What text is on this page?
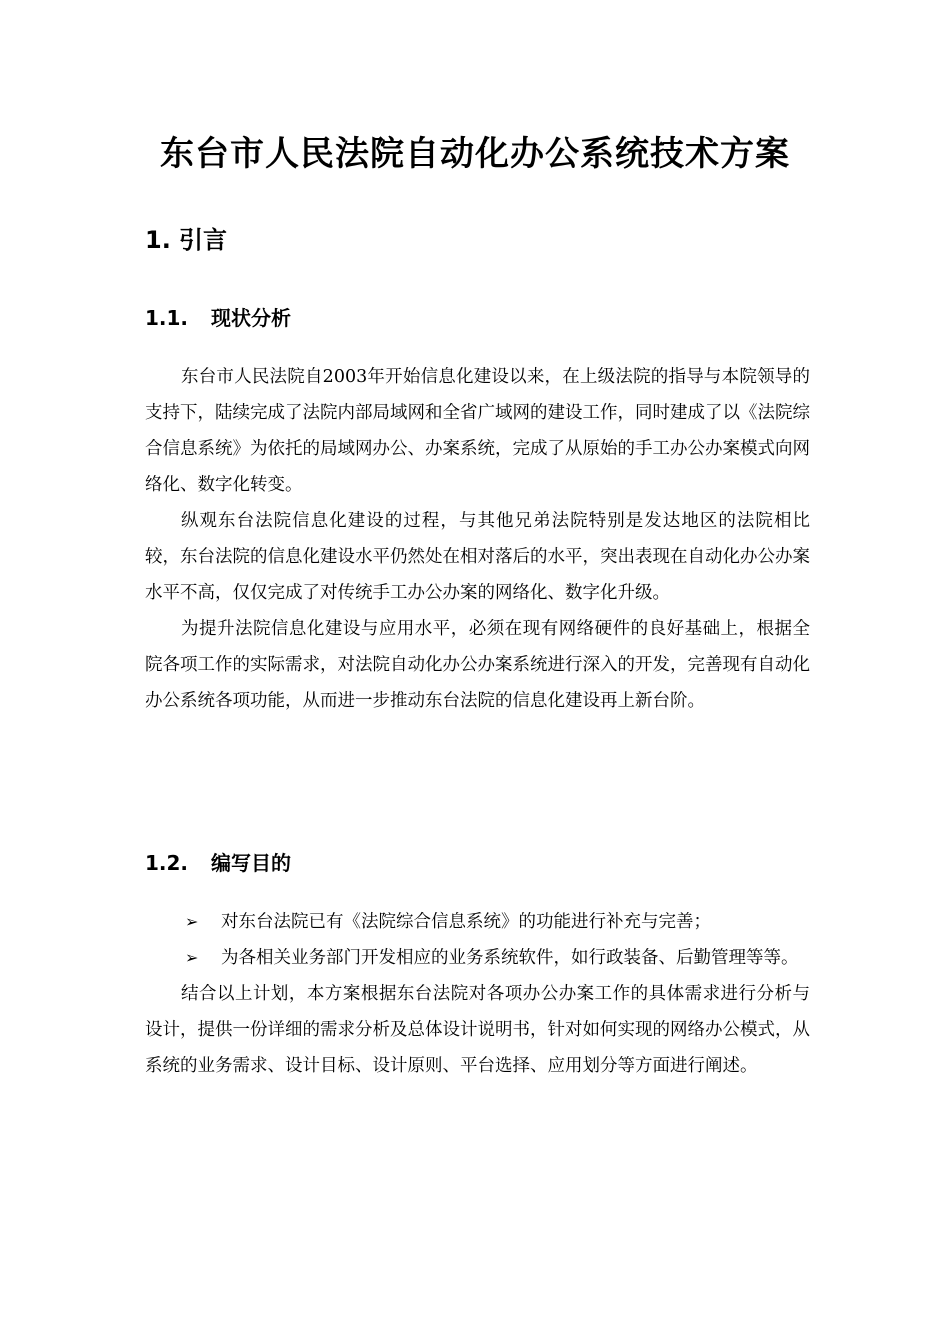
东台市人民法院自动化办公系统技术方案
1. 引言
1.1. 现状分析

东台市人民法院自2003年开始信息化建设以来，在上级法院的指导与本院领导的支持下，陆续完成了法院内部局域网和全省广域网的建设工作，同时建成了以《法院综合信息系统》为依托的局域网办公、办案系统，完成了从原始的手工办公办案模式向网络化、数字化转变。

纵观东台法院信息化建设的过程，与其他兄弟法院特别是发达地区的法院相比较，东台法院的信息化建设水平仍然处在相对落后的水平，突出表现在自动化办公办案水平不高，仅仅完成了对传统手工办公办案的网络化、数字化升级。

为提升法院信息化建设与应用水平，必须在现有网络硬件的良好基础上，根据全院各项工作的实际需求，对法院自动化办公办案系统进行深入的开发，完善现有自动化办公系统各项功能，从而进一步推动东台法院的信息化建设再上新台阶。

1.2. 编写目的
➢ 对东台法院已有《法院综合信息系统》的功能进行补充与完善；
➢ 为各相关业务部门开发相应的业务系统软件，如行政装备、后勤管理等等。

结合以上计划，本方案根据东台法院对各项办公办案工作的具体需求进行分析与设计，提供一份详细的需求分析及总体设计说明书，针对如何实现的网络办公模式，从系统的业务需求、设计目标、设计原则、平台选择、应用划分等方面进行阐述。
